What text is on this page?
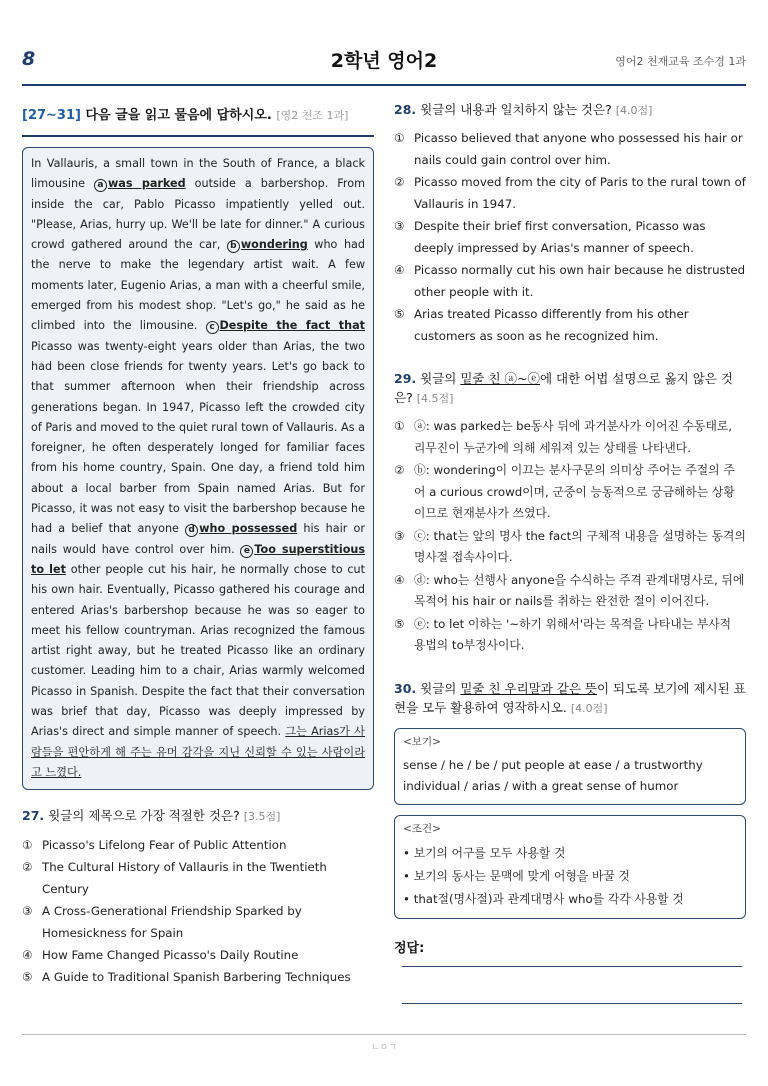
8	2학년 영어2	영어2 천재교육 조수경 1과
[27~31] 다음 글을 읽고 물음에 답하시오. [영2 천조 1과]
In Vallauris, a small town in the South of France, a black limousine a was parked outside a barbershop. From inside the car, Pablo Picasso impatiently yelled out. "Please, Arias, hurry up. We'll be late for dinner." A curious crowd gathered around the car, b wondering who had the nerve to make the legendary artist wait. A few moments later, Eugenio Arias, a man with a cheerful smile, emerged from his modest shop. "Let's go," he said as he climbed into the limousine. c Despite the fact that Picasso was twenty-eight years older than Arias, the two had been close friends for twenty years. Let's go back to that summer afternoon when their friendship across generations began. In 1947, Picasso left the crowded city of Paris and moved to the quiet rural town of Vallauris. As a foreigner, he often desperately longed for familiar faces from his home country, Spain. One day, a friend told him about a local barber from Spain named Arias. But for Picasso, it was not easy to visit the barbershop because he had a belief that anyone d who possessed his hair or nails would have control over him. e Too superstitious to let other people cut his hair, he normally chose to cut his own hair. Eventually, Picasso gathered his courage and entered Arias's barbershop because he was so eager to meet his fellow countryman. Arias recognized the famous artist right away, but he treated Picasso like an ordinary customer. Leading him to a chair, Arias warmly welcomed Picasso in Spanish. Despite the fact that their conversation was brief that day, Picasso was deeply impressed by Arias's direct and simple manner of speech. 그는 Arias가 사람들을 편안하게 해 주는 유머 감각을 지닌 신뢰할 수 있는 사람이라고 느꼈다.
27. 윗글의 제목으로 가장 적절한 것은? [3.5점]
① Picasso's Lifelong Fear of Public Attention
② The Cultural History of Vallauris in the Twentieth Century
③ A Cross-Generational Friendship Sparked by Homesickness for Spain
④ How Fame Changed Picasso's Daily Routine
⑤ A Guide to Traditional Spanish Barbering Techniques
28. 윗글의 내용과 일치하지 않는 것은? [4.0점]
① Picasso believed that anyone who possessed his hair or nails could gain control over him.
② Picasso moved from the city of Paris to the rural town of Vallauris in 1947.
③ Despite their brief first conversation, Picasso was deeply impressed by Arias's manner of speech.
④ Picasso normally cut his own hair because he distrusted other people with it.
⑤ Arias treated Picasso differently from his other customers as soon as he recognized him.
29. 윗글의 밑줄 친 ⓐ~ⓔ에 대한 어법 설명으로 옳지 않은 것은? [4.5점]
① ⓐ: was parked는 be동사 뒤에 과거분사가 이어진 수동태로, 리무진이 누군가에 의해 세워져 있는 상태를 나타낸다.
② ⓑ: wondering이 이끄는 분사구문의 의미상 주어는 주절의 주어 a curious crowd이며, 군중이 능동적으로 궁금해하는 상황이므로 현재분사가 쓰였다.
③ ⓒ: that는 앞의 명사 the fact의 구체적 내용을 설명하는 동격의 명사절 접속사이다.
④ ⓓ: who는 선행사 anyone을 수식하는 주격 관계대명사로, 뒤에 목적어 his hair or nails를 취하는 완전한 절이 이어진다.
⑤ ⓔ: to let 이하는 '~하기 위해서'라는 목적을 나타내는 부사적 용법의 to부정사이다.
30. 윗글의 밑줄 친 우리말과 같은 뜻이 되도록 보기에 제시된 표현을 모두 활용하여 영작하시오. [4.0점]
<보기>
sense / he / be / put people at ease / a trustworthy individual / arias / with a great sense of humor
<조건>
• 보기의 어구를 모두 사용할 것
• 보기의 동사는 문맥에 맞게 어형을 바꿀 것
• that절(명사절)과 관계대명사 who를 각각 사용할 것
정답:
ㄴㅇㄱ
